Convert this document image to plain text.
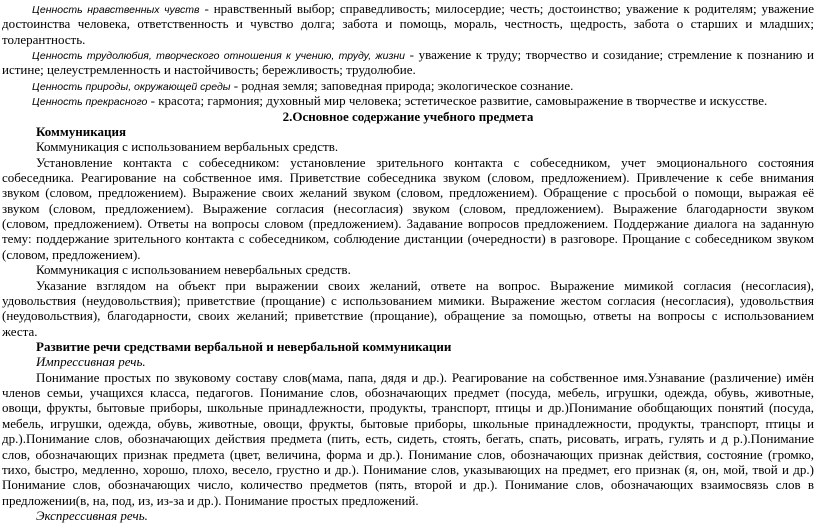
Ценность нравственных чувств - нравственный выбор; справедливость; милосердие; честь; достоинство; уважение к родителям; уважение
достоинства человека, ответственность и чувство долга; забота и помощь, мораль, честность, щедрость, забота о старших и младших;
толерантность.
Ценность трудолюбия, творческого отношения к учению, труду, жизни - уважение к труду; творчество и созидание; стремление к познанию и
истине; целеустремленность и настойчивость; бережливость; трудолюбие.
Ценность природы, окружающей среды - родная земля; заповедная природа; экологическое сознание.
Ценность прекрасного - красота; гармония; духовный мир человека; эстетическое развитие, самовыражение в творчестве и искусстве.
2.Основное содержание учебного предмета
Коммуникация
Коммуникация с использованием вербальных средств.
Установление контакта с собеседником: установление зрительного контакта с собеседником, учет эмоционального состояния
собеседника. Реагирование на собственное имя. Приветствие собеседника звуком (словом, предложением). Привлечение к себе внимания
звуком (словом, предложением). Выражение своих желаний звуком (словом, предложением). Обращение с просьбой о помощи, выражая её
звуком (словом, предложением). Выражение согласия (несогласия) звуком (словом, предложением). Выражение благодарности звуком
(словом, предложением). Ответы на вопросы словом (предложением). Задавание вопросов предложением. Поддержание диалога на заданную
тему: поддержание зрительного контакта с собеседником, соблюдение дистанции (очередности) в разговоре. Прощание с собеседником звуком
(словом, предложением).
Коммуникация с использованием невербальных средств.
Указание взглядом на объект при выражении своих желаний, ответе на вопрос. Выражение мимикой согласия (несогласия),
удовольствия (неудовольствия); приветствие (прощание) с использованием мимики. Выражение жестом согласия (несогласия), удовольствия
(неудовольствия), благодарности, своих желаний; приветствие (прощание), обращение за помощью, ответы на вопросы с использованием
жеста.
Развитие речи средствами вербальной и невербальной коммуникации
Импрессивная речь.
Понимание простых по звуковому составу слов(мама, папа, дядя и др.). Реагирование на собственное имя.Узнавание (различение) имён
членов семьи, учащихся класса, педагогов. Понимание слов, обозначающих предмет (посуда, мебель, игрушки, одежда, обувь, животные,
овощи, фрукты, бытовые приборы, школьные принадлежности, продукты, транспорт, птицы и др.)Понимание обобщающих понятий (посуда,
мебель, игрушки, одежда, обувь, животные, овощи, фрукты, бытовые приборы, школьные принадлежности, продукты, транспорт, птицы и
др.).Понимание слов, обозначающих действия предмета (пить, есть, сидеть, стоять, бегать, спать, рисовать, играть, гулять и д р.).Понимание
слов, обозначающих признак предмета (цвет, величина, форма и др.). Понимание слов, обозначающих признак действия, состояние (громко,
тихо, быстро, медленно, хорошо, плохо, весело, грустно и др.). Понимание слов, указывающих на предмет, его признак (я, он, мой, твой и др.)
Понимание слов, обозначающих число, количество предметов (пять, второй и др.). Понимание слов, обозначающих взаимосвязь слов в
предложении(в, на, под, из, из-за и др.). Понимание простых предложений.
Экспрессивная речь.
